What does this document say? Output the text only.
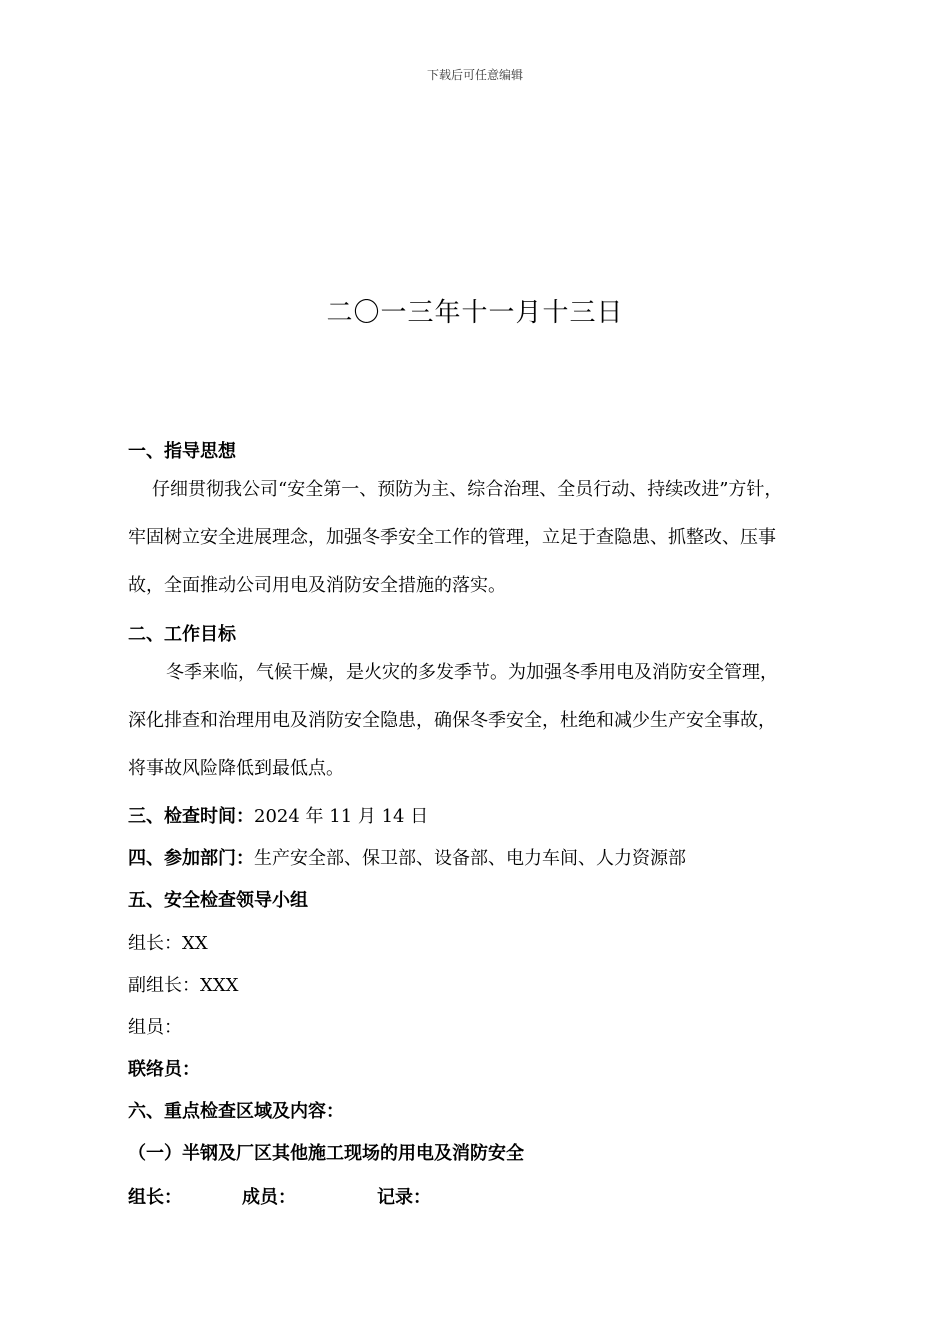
下载后可任意编辑
二〇一三年十一月十三日
一、指导思想
仔细贯彻我公司“安全第一、预防为主、综合治理、全员行动、持续改进”方针，
牢固树立安全进展理念，加强冬季安全工作的管理，立足于查隐患、抓整改、压事
故，全面推动公司用电及消防安全措施的落实。
二、工作目标
冬季来临，气候干燥，是火灾的多发季节。为加强冬季用电及消防安全管理，
深化排查和治理用电及消防安全隐患，确保冬季安全，杜绝和减少生产安全事故，
将事故风险降低到最低点。
三、检查时间：2024 年 11 月 14 日
四、参加部门：生产安全部、保卫部、设备部、电力车间、人力资源部
五、安全检查领导小组
组长：XX
副组长：XXX
组员：
联络员：
六、重点检查区域及内容：
（一）半钢及厂区其他施工现场的用电及消防安全
组长：	成员：	记录：
